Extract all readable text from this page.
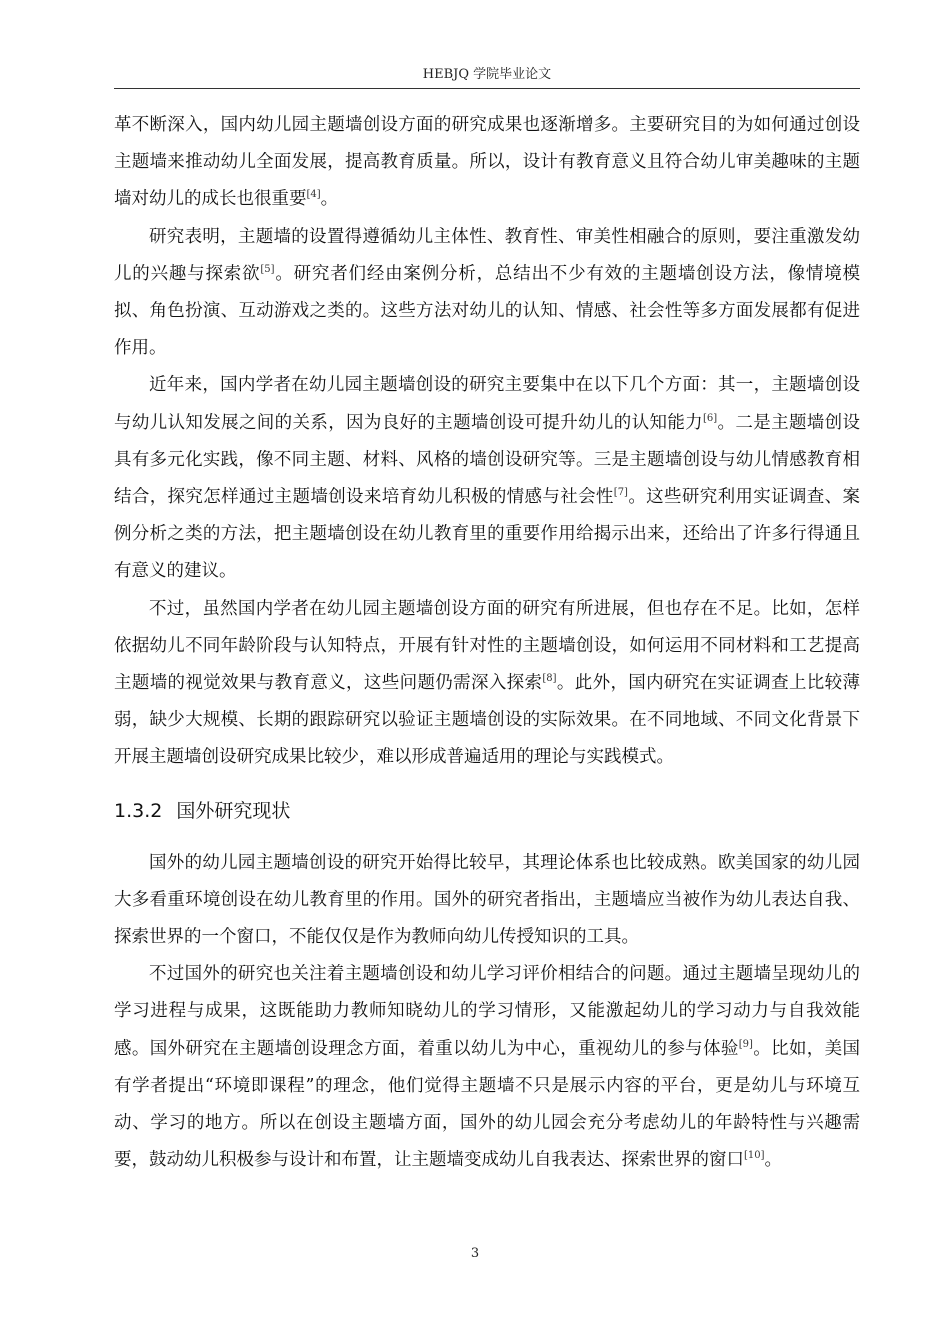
HEBJQ 学院毕业论文

革不断深入，国内幼儿园主题墙创设方面的研究成果也逐渐增多。主要研究目的为如何通过创设主题墙来推动幼儿全面发展，提高教育质量。所以，设计有教育意义且符合幼儿审美趣味的主题墙对幼儿的成长也很重要[4]。

研究表明，主题墙的设置得遵循幼儿主体性、教育性、审美性相融合的原则，要注重激发幼儿的兴趣与探索欲[5]。研究者们经由案例分析，总结出不少有效的主题墙创设方法，像情境模拟、角色扮演、互动游戏之类的。这些方法对幼儿的认知、情感、社会性等多方面发展都有促进作用。

近年来，国内学者在幼儿园主题墙创设的研究主要集中在以下几个方面：其一，主题墙创设与幼儿认知发展之间的关系，因为良好的主题墙创设可提升幼儿的认知能力[6]。二是主题墙创设具有多元化实践，像不同主题、材料、风格的墙创设研究等。三是主题墙创设与幼儿情感教育相结合，探究怎样通过主题墙创设来培育幼儿积极的情感与社会性[7]。这些研究利用实证调查、案例分析之类的方法，把主题墙创设在幼儿教育里的重要作用给揭示出来，还给出了许多行得通且有意义的建议。

不过，虽然国内学者在幼儿园主题墙创设方面的研究有所进展，但也存在不足。比如，怎样依据幼儿不同年龄阶段与认知特点，开展有针对性的主题墙创设，如何运用不同材料和工艺提高主题墙的视觉效果与教育意义，这些问题仍需深入探索[8]。此外，国内研究在实证调查上比较薄弱，缺少大规模、长期的跟踪研究以验证主题墙创设的实际效果。在不同地域、不同文化背景下开展主题墙创设研究成果比较少，难以形成普遍适用的理论与实践模式。

1.3.2 国外研究现状

国外的幼儿园主题墙创设的研究开始得比较早，其理论体系也比较成熟。欧美国家的幼儿园大多看重环境创设在幼儿教育里的作用。国外的研究者指出，主题墙应当被作为幼儿表达自我、探索世界的一个窗口，不能仅仅是作为教师向幼儿传授知识的工具。

不过国外的研究也关注着主题墙创设和幼儿学习评价相结合的问题。通过主题墙呈现幼儿的学习进程与成果，这既能助力教师知晓幼儿的学习情形，又能激起幼儿的学习动力与自我效能感。国外研究在主题墙创设理念方面，着重以幼儿为中心，重视幼儿的参与体验[9]。比如，美国有学者提出“环境即课程”的理念，他们觉得主题墙不只是展示内容的平台，更是幼儿与环境互动、学习的地方。所以在创设主题墙方面，国外的幼儿园会充分考虑幼儿的年龄特性与兴趣需要，鼓动幼儿积极参与设计和布置，让主题墙变成幼儿自我表达、探索世界的窗口[10]。

3
